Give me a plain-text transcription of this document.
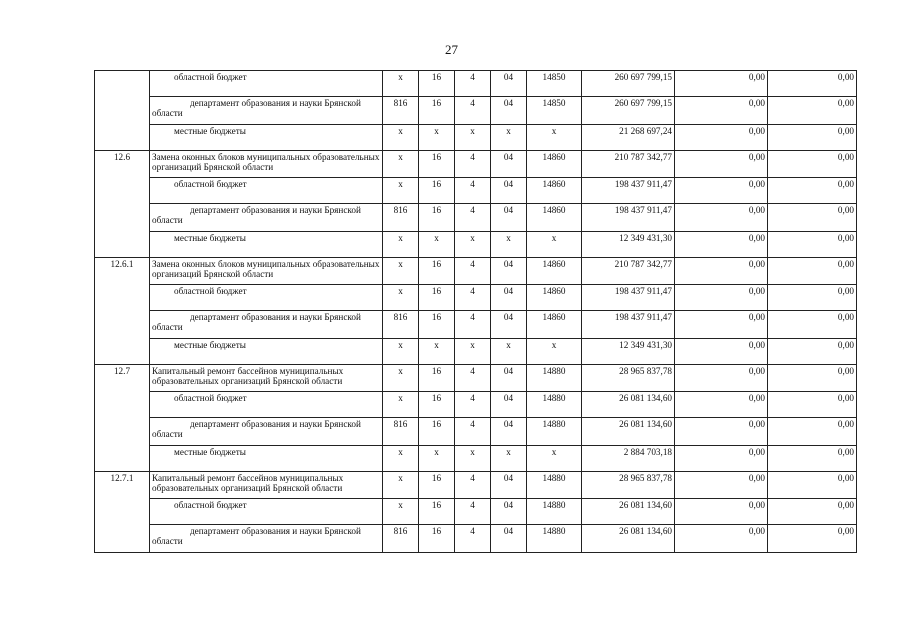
27
	областной бюджет	x	16	4	04	14850	260 697 799,15	0,00	0,00
	департамент образования и науки Брянской области	816	16	4	04	14850	260 697 799,15	0,00	0,00
	местные бюджеты	x	x	x	x	x	21 268 697,24	0,00	0,00
12.6	Замена оконных блоков муниципальных образовательных организаций Брянской области	x	16	4	04	14860	210 787 342,77	0,00	0,00
	областной бюджет	x	16	4	04	14860	198 437 911,47	0,00	0,00
	департамент образования и науки Брянской области	816	16	4	04	14860	198 437 911,47	0,00	0,00
	местные бюджеты	x	x	x	x	x	12 349 431,30	0,00	0,00
12.6.1	Замена оконных блоков муниципальных образовательных организаций Брянской области	x	16	4	04	14860	210 787 342,77	0,00	0,00
	областной бюджет	x	16	4	04	14860	198 437 911,47	0,00	0,00
	департамент образования и науки Брянской области	816	16	4	04	14860	198 437 911,47	0,00	0,00
	местные бюджеты	x	x	x	x	x	12 349 431,30	0,00	0,00
12.7	Капитальный ремонт бассейнов муниципальных образовательных организаций Брянской области	x	16	4	04	14880	28 965 837,78	0,00	0,00
	областной бюджет	x	16	4	04	14880	26 081 134,60	0,00	0,00
	департамент образования и науки Брянской области	816	16	4	04	14880	26 081 134,60	0,00	0,00
	местные бюджеты	x	x	x	x	x	2 884 703,18	0,00	0,00
12.7.1	Капитальный ремонт бассейнов муниципальных образовательных организаций Брянской области	x	16	4	04	14880	28 965 837,78	0,00	0,00
	областной бюджет	x	16	4	04	14880	26 081 134,60	0,00	0,00
	департамент образования и науки Брянской области	816	16	4	04	14880	26 081 134,60	0,00	0,00
